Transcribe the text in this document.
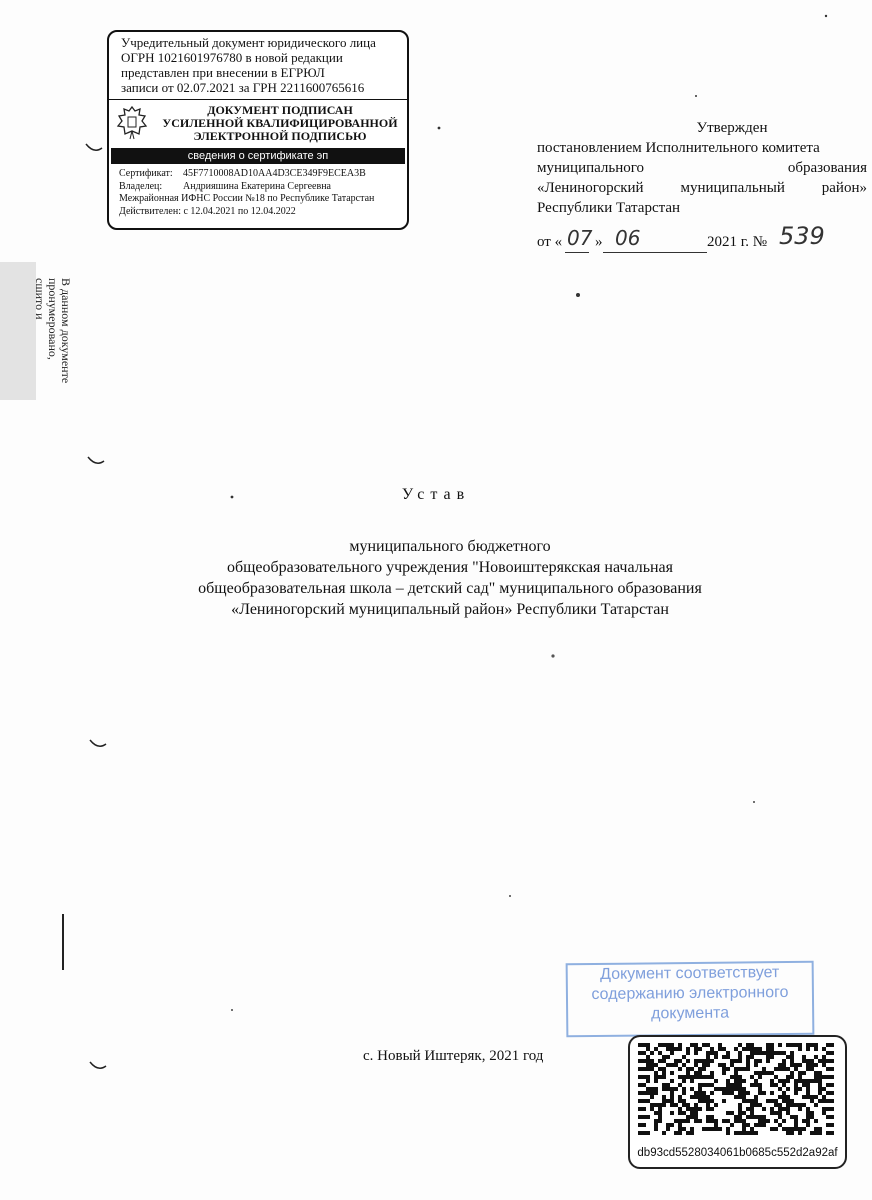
В данном документе
пронумеровано,
сшито и
Учредительный документ юридического лица
ОГРН 1021601976780 в новой редакции
представлен при внесении в ЕГРЮЛ
записи от 02.07.2021 за ГРН 2211600765616
ДОКУМЕНТ ПОДПИСАН
УСИЛЕННОЙ КВАЛИФИЦИРОВАННОЙ
ЭЛЕКТРОННОЙ ПОДПИСЬЮ
сведения о сертификате эп
Сертификат: 45F7710008AD10AA4D3CE349F9ECEA3B
Владелец: Андрияшина Екатерина Сергеевна
Межрайонная ИФНС России №18 по Республике Татарстан
Действителен: с 12.04.2021 по 12.04.2022
Утвержден
постановлением Исполнительного комитета
муниципального	образования
«Лениногорский муниципальный район»
Республики Татарстан
от « 07 » 06	2021 г. № 539
Устав
муниципального бюджетного
общеобразовательного учреждения "Новоиштерякская начальная
общеобразовательная школа – детский сад" муниципального образования
«Лениногорский муниципальный район» Республики Татарстан
с. Новый Иштеряк, 2021 год
Документ соответствует
содержанию электронного
документа
db93cd5528034061b0685c552d2a92af
